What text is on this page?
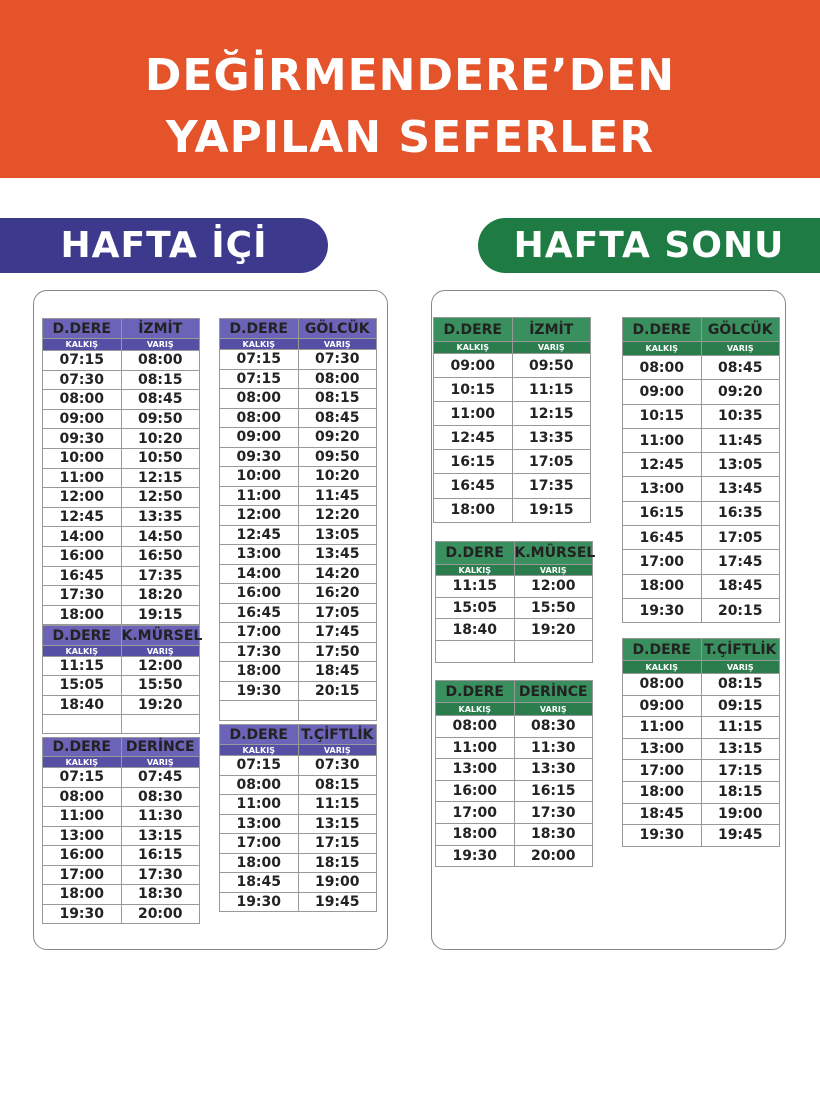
DEĞİRMENDERE’DEN
YAPILAN SEFERLER
HAFTA İÇİ	HAFTA SONU
D.DERE	İZMİT
KALKIŞ	VARIŞ
07:15	08:00
07:30	08:15
08:00	08:45
09:00	09:50
09:30	10:20
10:00	10:50
11:00	12:15
12:00	12:50
12:45	13:35
14:00	14:50
16:00	16:50
16:45	17:35
17:30	18:20
18:00	19:15
D.DERE	K.MÜRSEL
KALKIŞ	VARIŞ
11:15	12:00
15:05	15:50
18:40	19:20

D.DERE	DERİNCE
KALKIŞ	VARIŞ
07:15	07:45
08:00	08:30
11:00	11:30
13:00	13:15
16:00	16:15
17:00	17:30
18:00	18:30
19:30	20:00
D.DERE	GÖLCÜK
KALKIŞ	VARIŞ
07:15	07:30
07:15	08:00
08:00	08:15
08:00	08:45
09:00	09:20
09:30	09:50
10:00	10:20
11:00	11:45
12:00	12:20
12:45	13:05
13:00	13:45
14:00	14:20
16:00	16:20
16:45	17:05
17:00	17:45
17:30	17:50
18:00	18:45
19:30	20:15

D.DERE	T.ÇİFTLİK
KALKIŞ	VARIŞ
07:15	07:30
08:00	08:15
11:00	11:15
13:00	13:15
17:00	17:15
18:00	18:15
18:45	19:00
19:30	19:45
D.DERE	İZMİT
KALKIŞ	VARIŞ
09:00	09:50
10:15	11:15
11:00	12:15
12:45	13:35
16:15	17:05
16:45	17:35
18:00	19:15
D.DERE	K.MÜRSEL
KALKIŞ	VARIŞ
11:15	12:00
15:05	15:50
18:40	19:20

D.DERE	DERİNCE
KALKIŞ	VARIŞ
08:00	08:30
11:00	11:30
13:00	13:30
16:00	16:15
17:00	17:30
18:00	18:30
19:30	20:00
D.DERE	GÖLCÜK
KALKIŞ	VARIŞ
08:00	08:45
09:00	09:20
10:15	10:35
11:00	11:45
12:45	13:05
13:00	13:45
16:15	16:35
16:45	17:05
17:00	17:45
18:00	18:45
19:30	20:15
D.DERE	T.ÇİFTLİK
KALKIŞ	VARIŞ
08:00	08:15
09:00	09:15
11:00	11:15
13:00	13:15
17:00	17:15
18:00	18:15
18:45	19:00
19:30	19:45
